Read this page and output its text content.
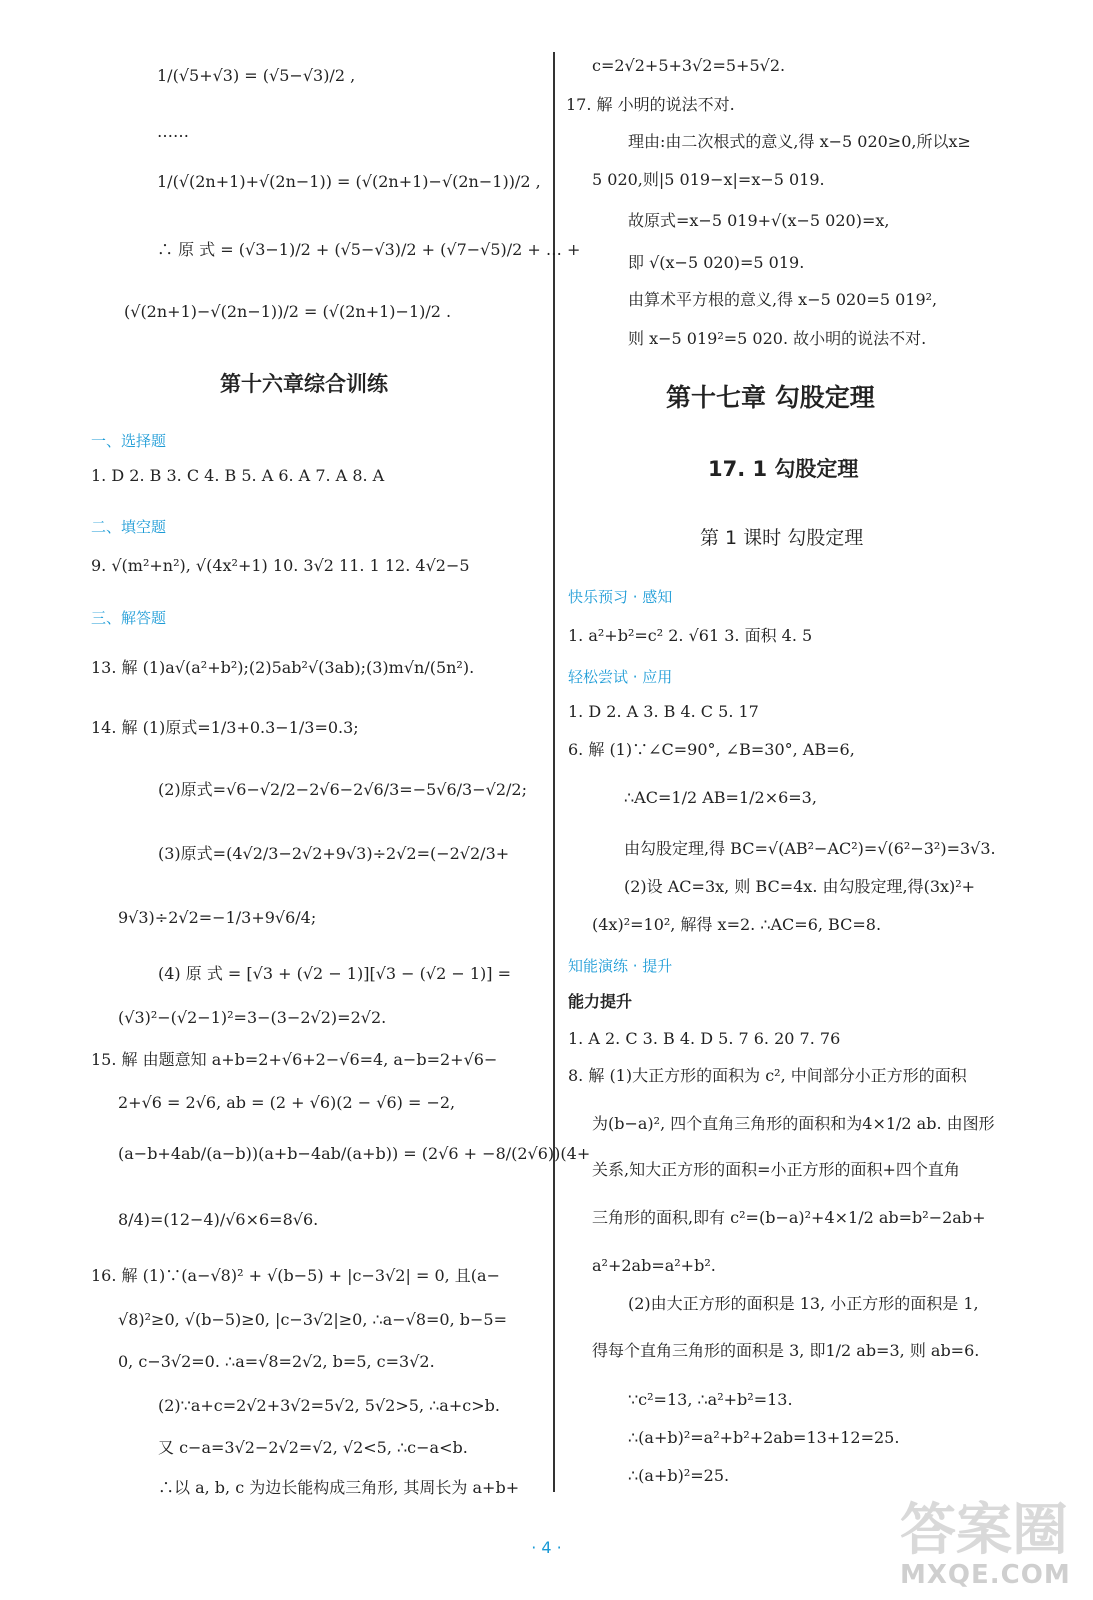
1/(√5+√3) = (√5−√3)/2 ,
……
1/(√(2n+1)+√(2n−1)) = (√(2n+1)−√(2n−1))/2 ,
∴ 原 式 = (√3−1)/2 + (√5−√3)/2 + (√7−√5)/2 + … +
(√(2n+1)−√(2n−1))/2 = (√(2n+1)−1)/2 .
第十六章综合训练
一、选择题
1. D 2. B 3. C 4. B 5. A 6. A 7. A 8. A
二、填空题
9. √(m²+n²), √(4x²+1) 10. 3√2 11. 1 12. 4√2−5
三、解答题
13. 解 (1)a√(a²+b²);(2)5ab²√(3ab);(3)m√n/(5n²).
14. 解 (1)原式=1/3+0.3−1/3=0.3;
(2)原式=√6−√2/2−2√6−2√6/3=−5√6/3−√2/2;
(3)原式=(4√2/3−2√2+9√3)÷2√2=(−2√2/3+
9√3)÷2√2=−1/3+9√6/4;
(4) 原 式 = [√3 + (√2 − 1)][√3 − (√2 − 1)] =
(√3)²−(√2−1)²=3−(3−2√2)=2√2.
15. 解 由题意知 a+b=2+√6+2−√6=4, a−b=2+√6−
2+√6 = 2√6, ab = (2 + √6)(2 − √6) = −2,
(a−b+4ab/(a−b))(a+b−4ab/(a+b)) = (2√6 + −8/(2√6))(4+
8/4)=(12−4)/√6×6=8√6.
16. 解 (1)∵(a−√8)² + √(b−5) + |c−3√2| = 0, 且(a−
√8)²≥0, √(b−5)≥0, |c−3√2|≥0, ∴a−√8=0, b−5=
0, c−3√2=0. ∴a=√8=2√2, b=5, c=3√2.
(2)∵a+c=2√2+3√2=5√2, 5√2>5, ∴a+c>b.
又 c−a=3√2−2√2=√2, √2<5, ∴c−a<b.
∴以 a, b, c 为边长能构成三角形, 其周长为 a+b+
c=2√2+5+3√2=5+5√2.
17. 解 小明的说法不对.
理由:由二次根式的意义,得 x−5 020≥0,所以x≥
5 020,则|5 019−x|=x−5 019.
故原式=x−5 019+√(x−5 020)=x,
即 √(x−5 020)=5 019.
由算术平方根的意义,得 x−5 020=5 019²,
则 x−5 019²=5 020. 故小明的说法不对.
第十七章 勾股定理
17. 1 勾股定理
第 1 课时 勾股定理
快乐预习 · 感知
1. a²+b²=c² 2. √61 3. 面积 4. 5
轻松尝试 · 应用
1. D 2. A 3. B 4. C 5. 17
6. 解 (1)∵∠C=90°, ∠B=30°, AB=6,
∴AC=1/2 AB=1/2×6=3,
由勾股定理,得 BC=√(AB²−AC²)=√(6²−3²)=3√3.
(2)设 AC=3x, 则 BC=4x. 由勾股定理,得(3x)²+
(4x)²=10², 解得 x=2. ∴AC=6, BC=8.
知能演练 · 提升
能力提升
1. A 2. C 3. B 4. D 5. 7 6. 20 7. 76
8. 解 (1)大正方形的面积为 c², 中间部分小正方形的面积
为(b−a)², 四个直角三角形的面积和为4×1/2 ab. 由图形
关系,知大正方形的面积=小正方形的面积+四个直角
三角形的面积,即有 c²=(b−a)²+4×1/2 ab=b²−2ab+
a²+2ab=a²+b².
(2)由大正方形的面积是 13, 小正方形的面积是 1,
得每个直角三角形的面积是 3, 即1/2 ab=3, 则 ab=6.
∵c²=13, ∴a²+b²=13.
∴(a+b)²=a²+b²+2ab=13+12=25.
∴(a+b)²=25.
· 4 ·	答案圈
MXQE.COM
